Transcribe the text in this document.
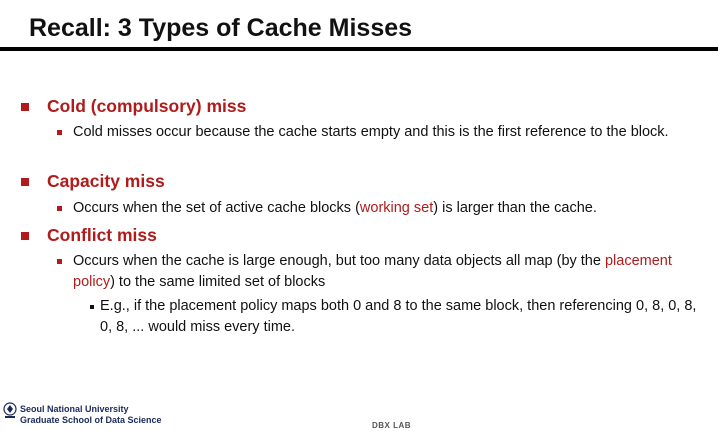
Recall: 3 Types of Cache Misses
Cold (compulsory) miss
Cold misses occur because the cache starts empty and this is the first reference to the block.
Capacity miss
Occurs when the set of active cache blocks (working set) is larger than the cache.
Conflict miss
Occurs when the cache is large enough, but too many data objects all map (by the placement policy) to the same limited set of blocks
E.g., if the placement policy maps both 0 and 8 to the same block, then referencing 0, 8, 0, 8, 0, 8, ... would miss every time.
Seoul National University
Graduate School of Data Science
DBX LAB
